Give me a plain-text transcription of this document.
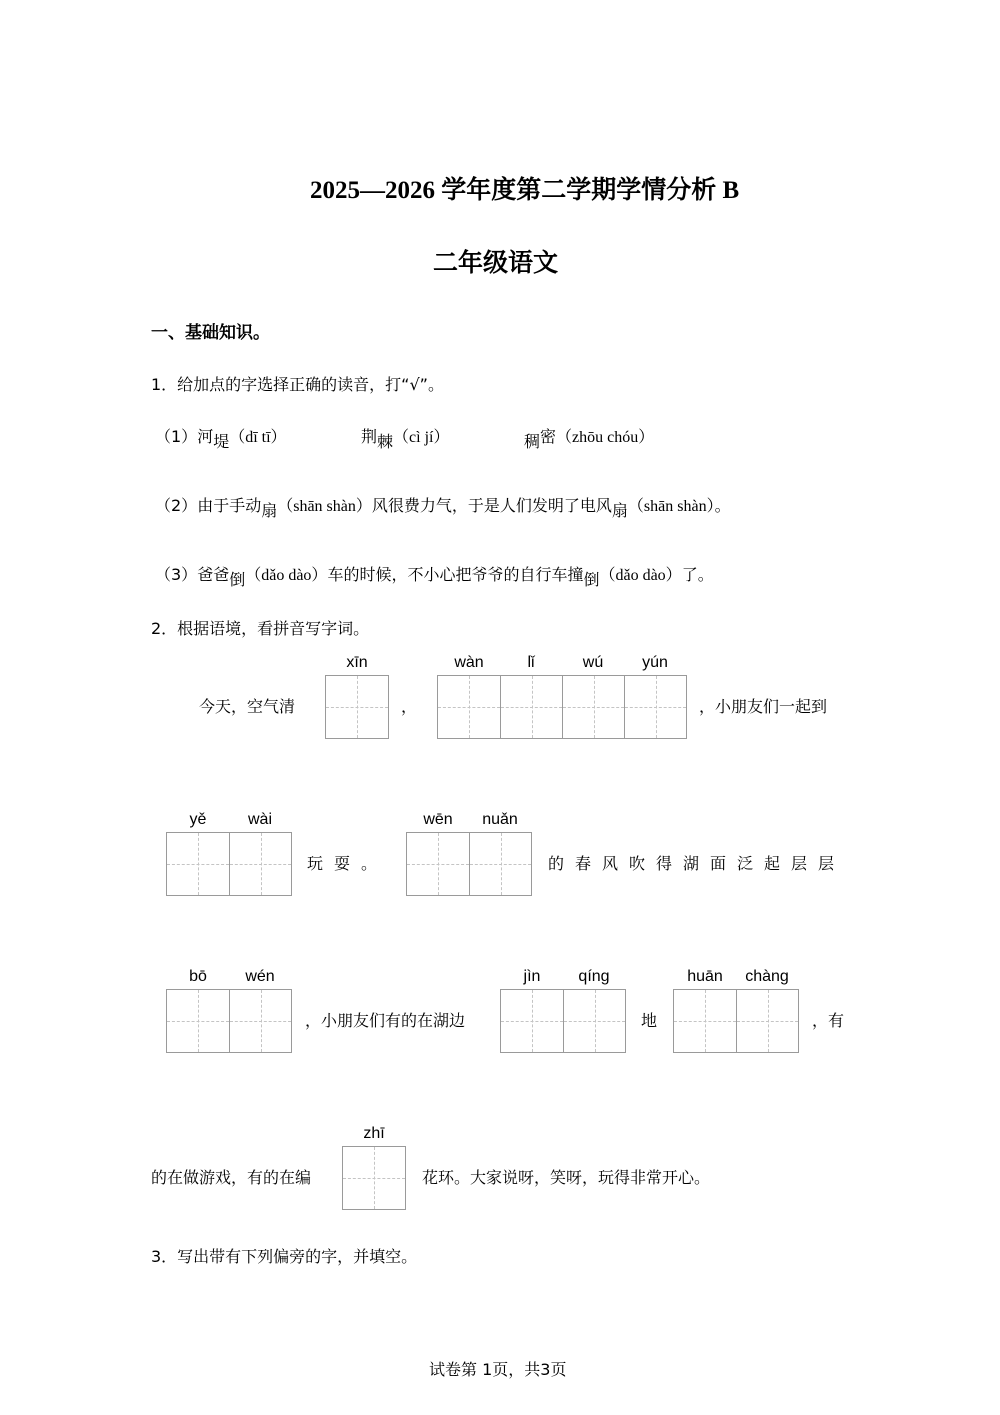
2025—2026 学年度第二学期学情分析 B
二年级语文
一、基础知识。
1．给加点的字选择正确的读音，打“√”。
（1）河堤（dī tī）	荆棘（cì jí）	稠密（zhōu chóu）
（2）由于手动扇（shān shàn）风很费力气，于是人们发明了电风扇（shān shàn）。
（3）爸爸倒（dǎo dào）车的时候，不小心把爷爷的自行车撞倒（dǎo dào）了。
2．根据语境，看拼音写字词。
今天，空气清
xīn
，
wàn	lǐ	wú	yún
，小朋友们一起到
yě	wài
玩耍。
wēn	nuǎn
的春风吹得湖面泛起层层
bō	wén
，小朋友们有的在湖边
jìn	qíng
地
huān	chàng
，有
的在做游戏，有的在编
zhī
花环。大家说呀，笑呀，玩得非常开心。
3．写出带有下列偏旁的字，并填空。
试卷第 1页，共3页
